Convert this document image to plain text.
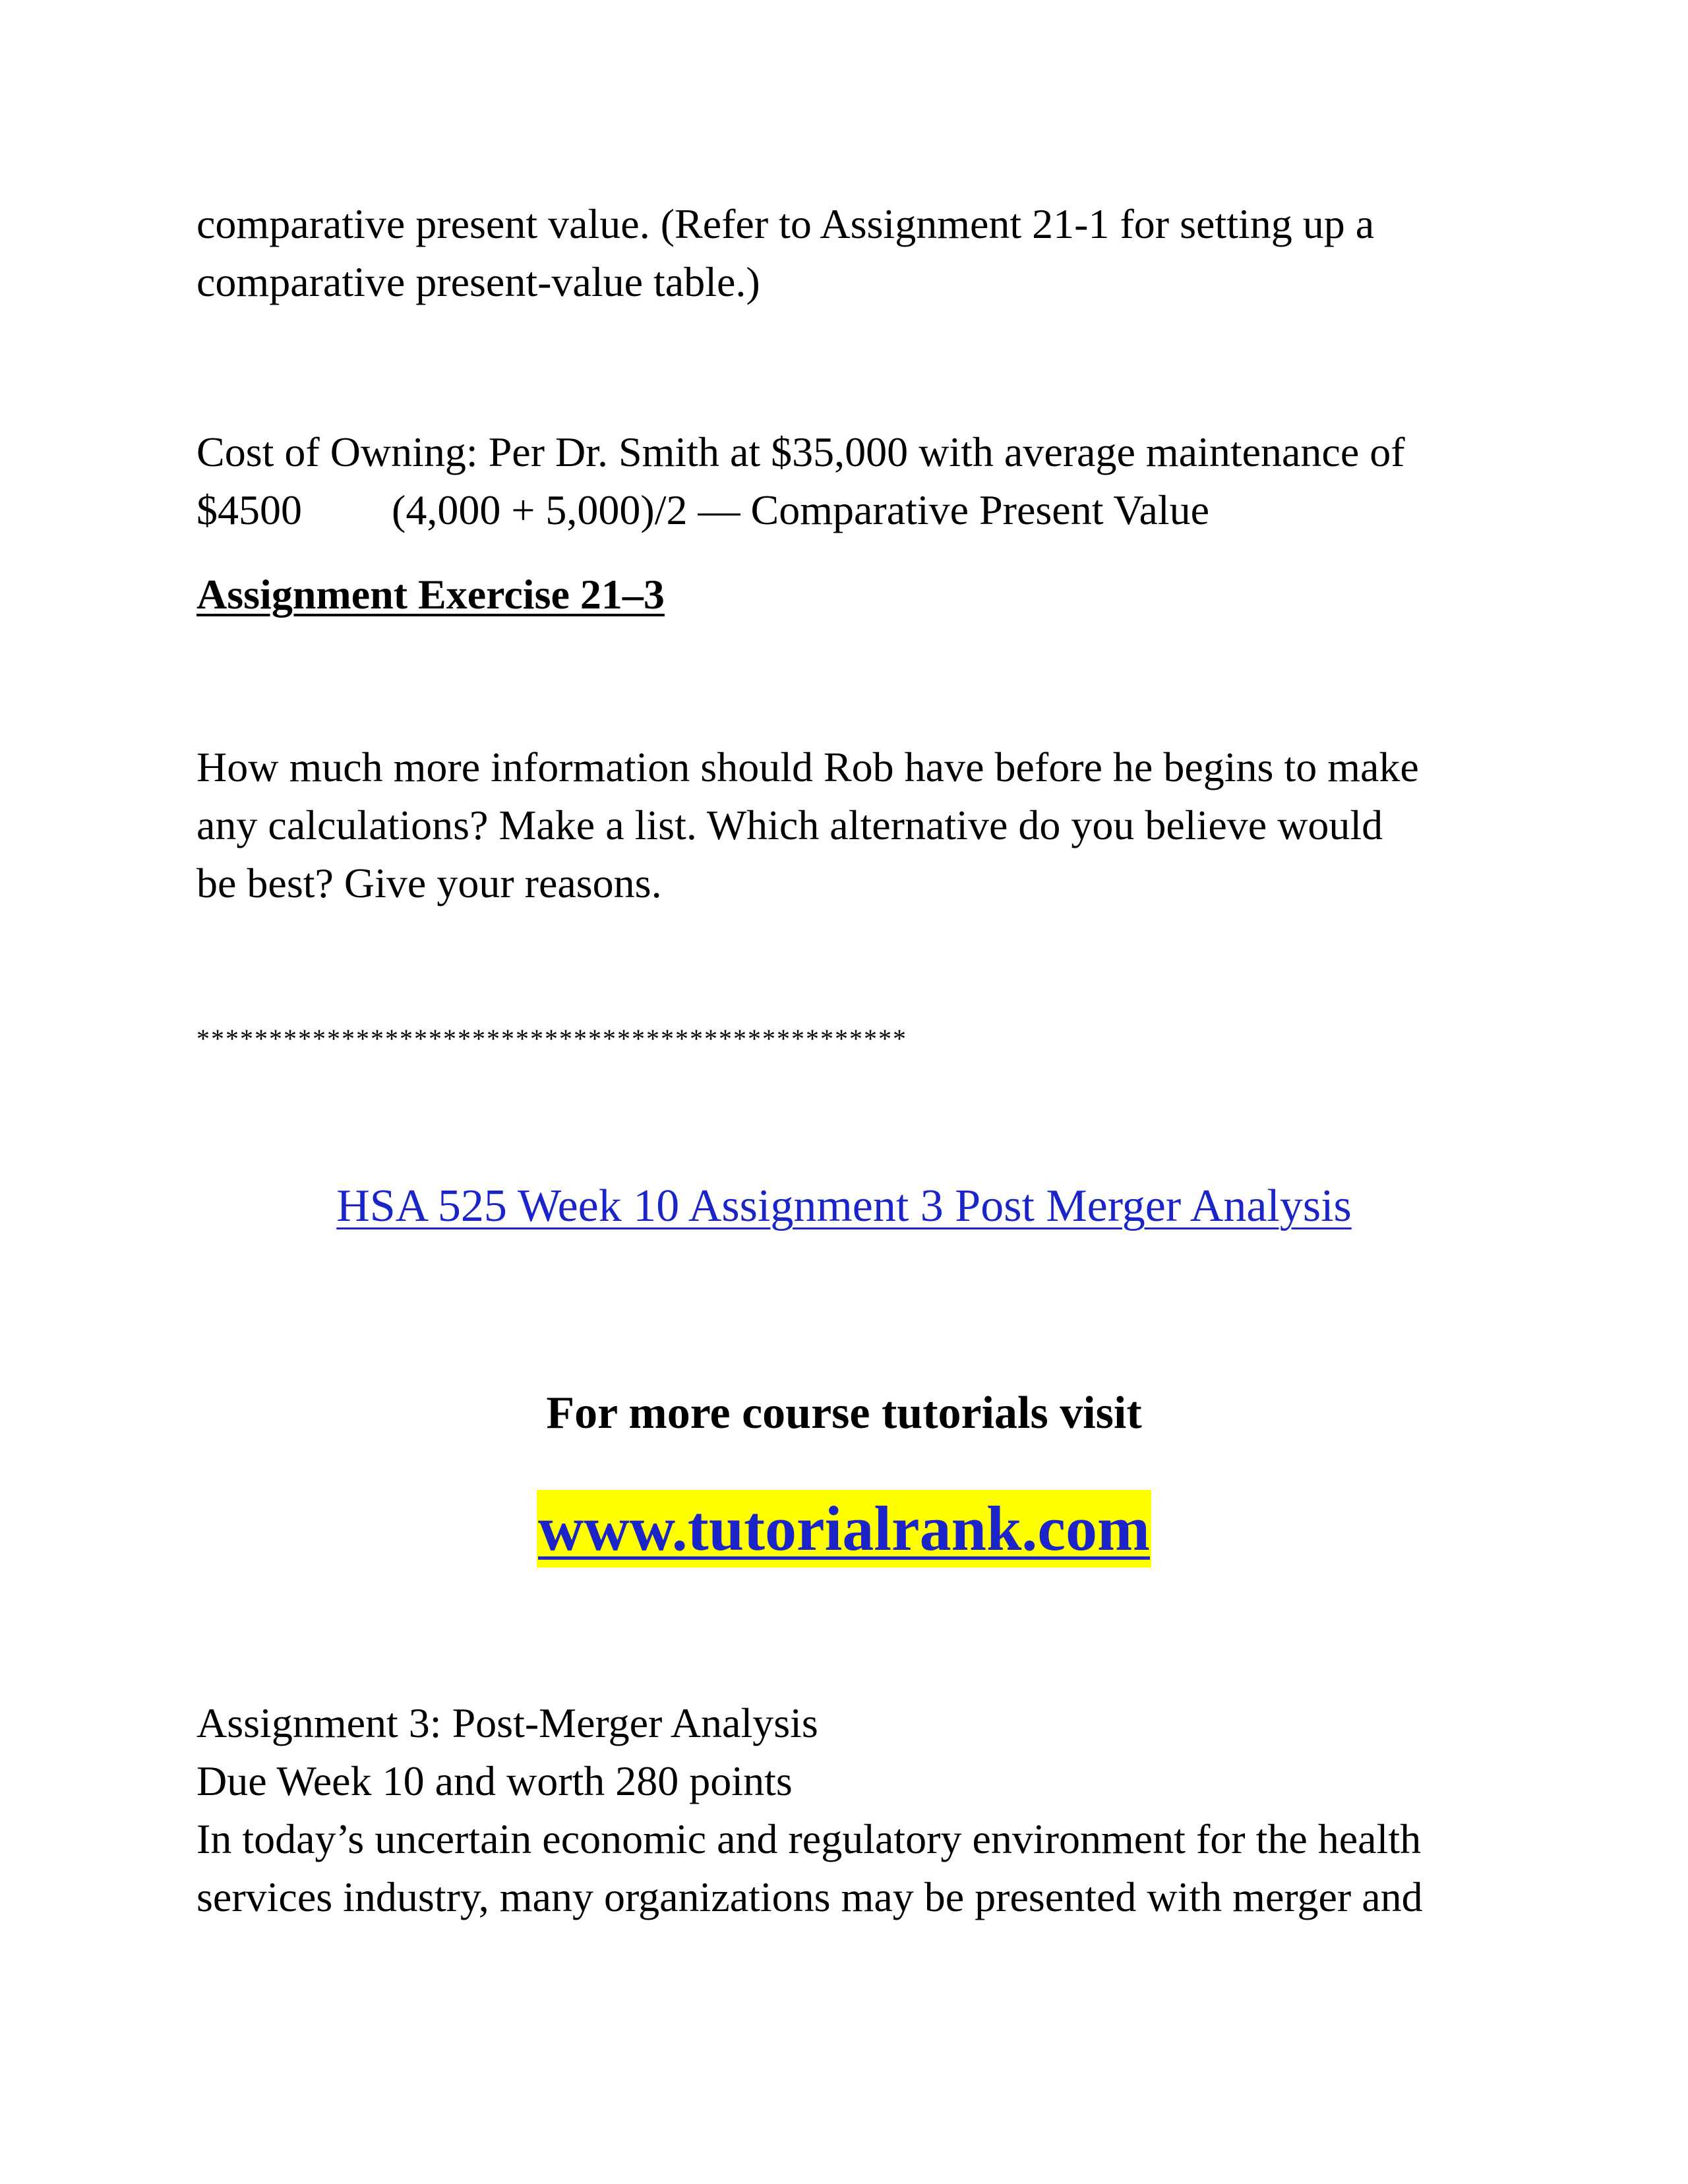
comparative present value. (Refer to Assignment 21-1 for setting up a
comparative present-value table.)
Cost of Owning: Per Dr. Smith at $35,000 with average maintenance of
$4500 (4,000 + 5,000)/2 — Comparative Present Value
Assignment Exercise 21–3
How much more information should Rob have before he begins to make
any calculations? Make a list. Which alternative do you believe would
be best? Give your reasons.
*************************************************
HSA 525 Week 10 Assignment 3 Post Merger Analysis
For more course tutorials visit
www.tutorialrank.com
Assignment 3: Post-Merger Analysis
Due Week 10 and worth 280 points
In today’s uncertain economic and regulatory environment for the health
services industry, many organizations may be presented with merger and
